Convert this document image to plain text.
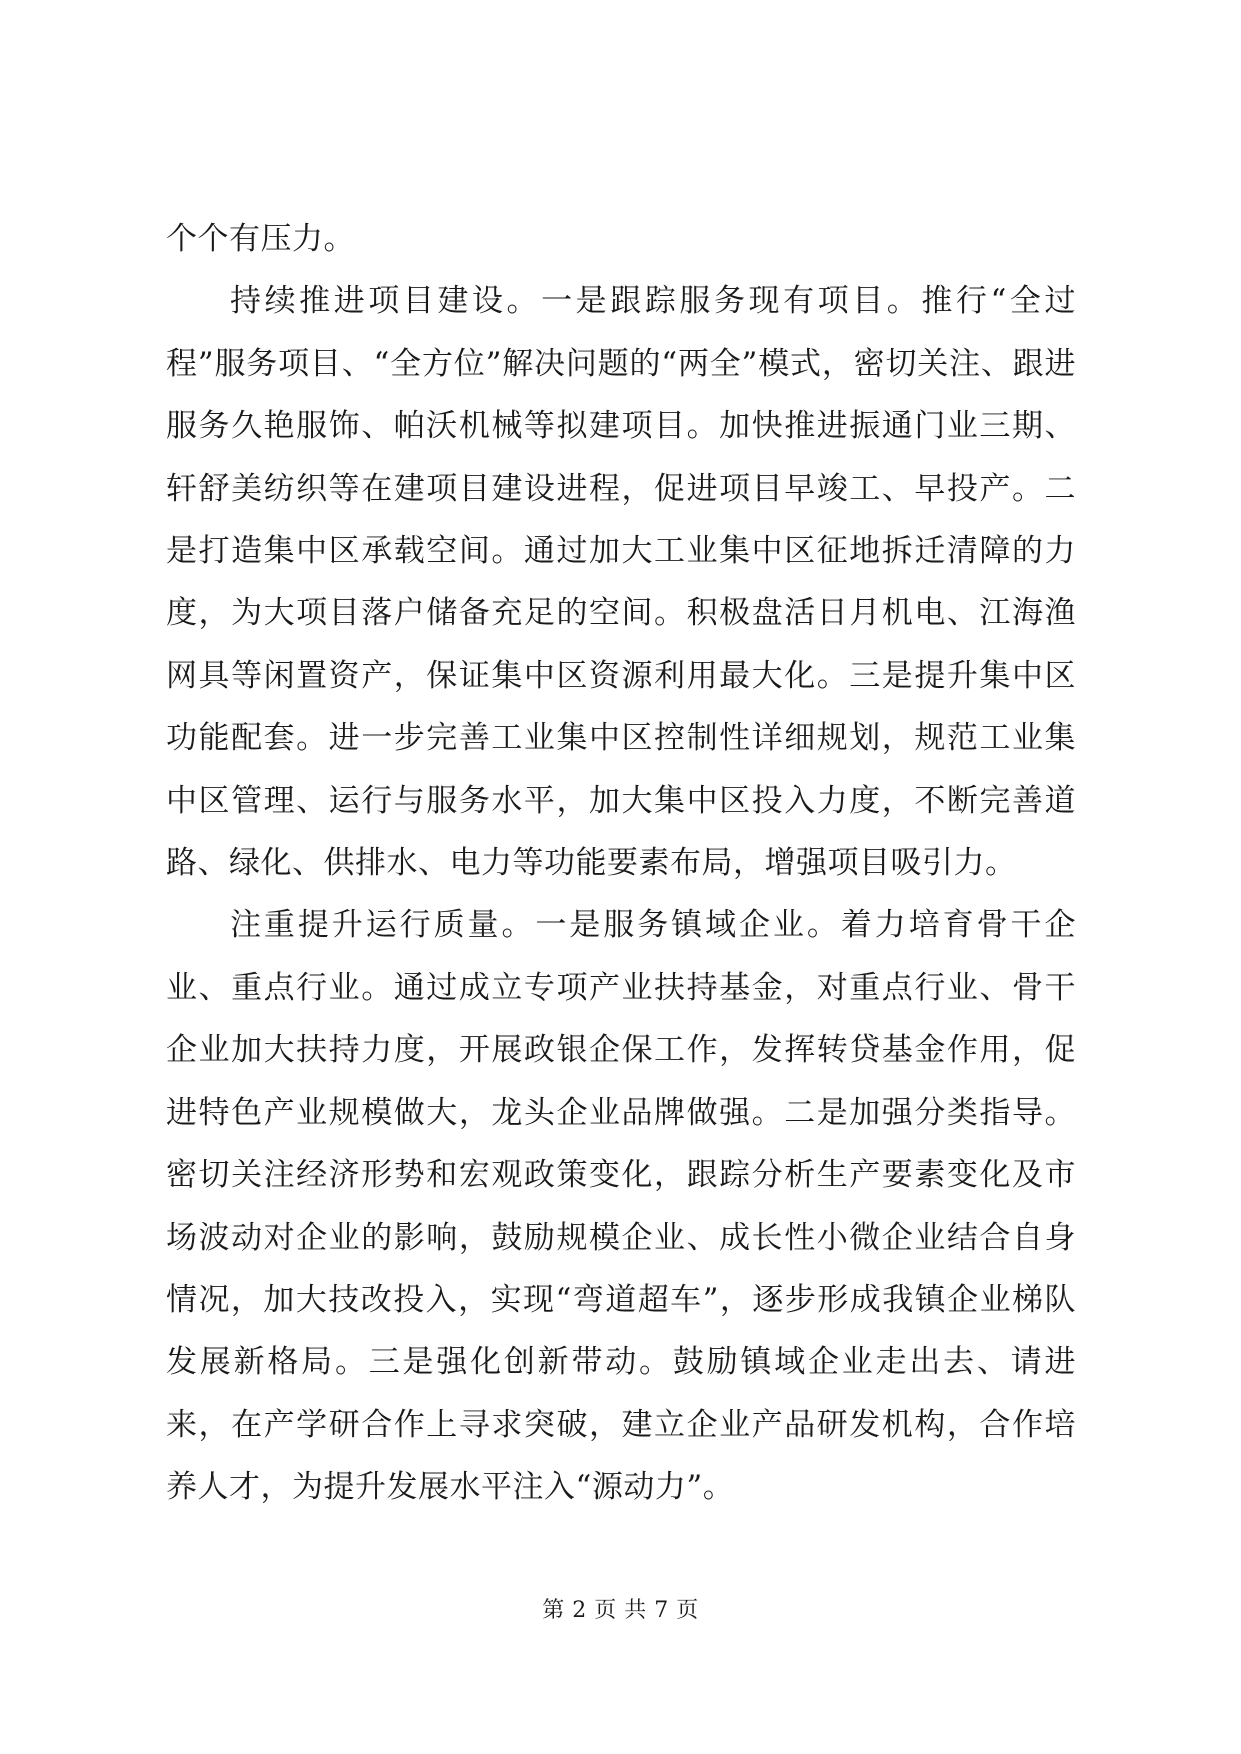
个个有压力。

持续推进项目建设。一是跟踪服务现有项目。推行“全过程”服务项目、“全方位”解决问题的“两全”模式，密切关注、跟进服务久艳服饰、帕沃机械等拟建项目。加快推进振通门业三期、轩舒美纺织等在建项目建设进程，促进项目早竣工、早投产。二是打造集中区承载空间。通过加大工业集中区征地拆迁清障的力度，为大项目落户储备充足的空间。积极盘活日月机电、江海渔网具等闲置资产，保证集中区资源利用最大化。三是提升集中区功能配套。进一步完善工业集中区控制性详细规划，规范工业集中区管理、运行与服务水平，加大集中区投入力度，不断完善道路、绿化、供排水、电力等功能要素布局，增强项目吸引力。

注重提升运行质量。一是服务镇域企业。着力培育骨干企业、重点行业。通过成立专项产业扶持基金，对重点行业、骨干企业加大扶持力度，开展政银企保工作，发挥转贷基金作用，促进特色产业规模做大，龙头企业品牌做强。二是加强分类指导。密切关注经济形势和宏观政策变化，跟踪分析生产要素变化及市场波动对企业的影响，鼓励规模企业、成长性小微企业结合自身情况，加大技改投入，实现“弯道超车”，逐步形成我镇企业梯队发展新格局。三是强化创新带动。鼓励镇域企业走出去、请进来，在产学研合作上寻求突破，建立企业产品研发机构，合作培养人才，为提升发展水平注入“源动力”。

第 2 页 共 7 页
